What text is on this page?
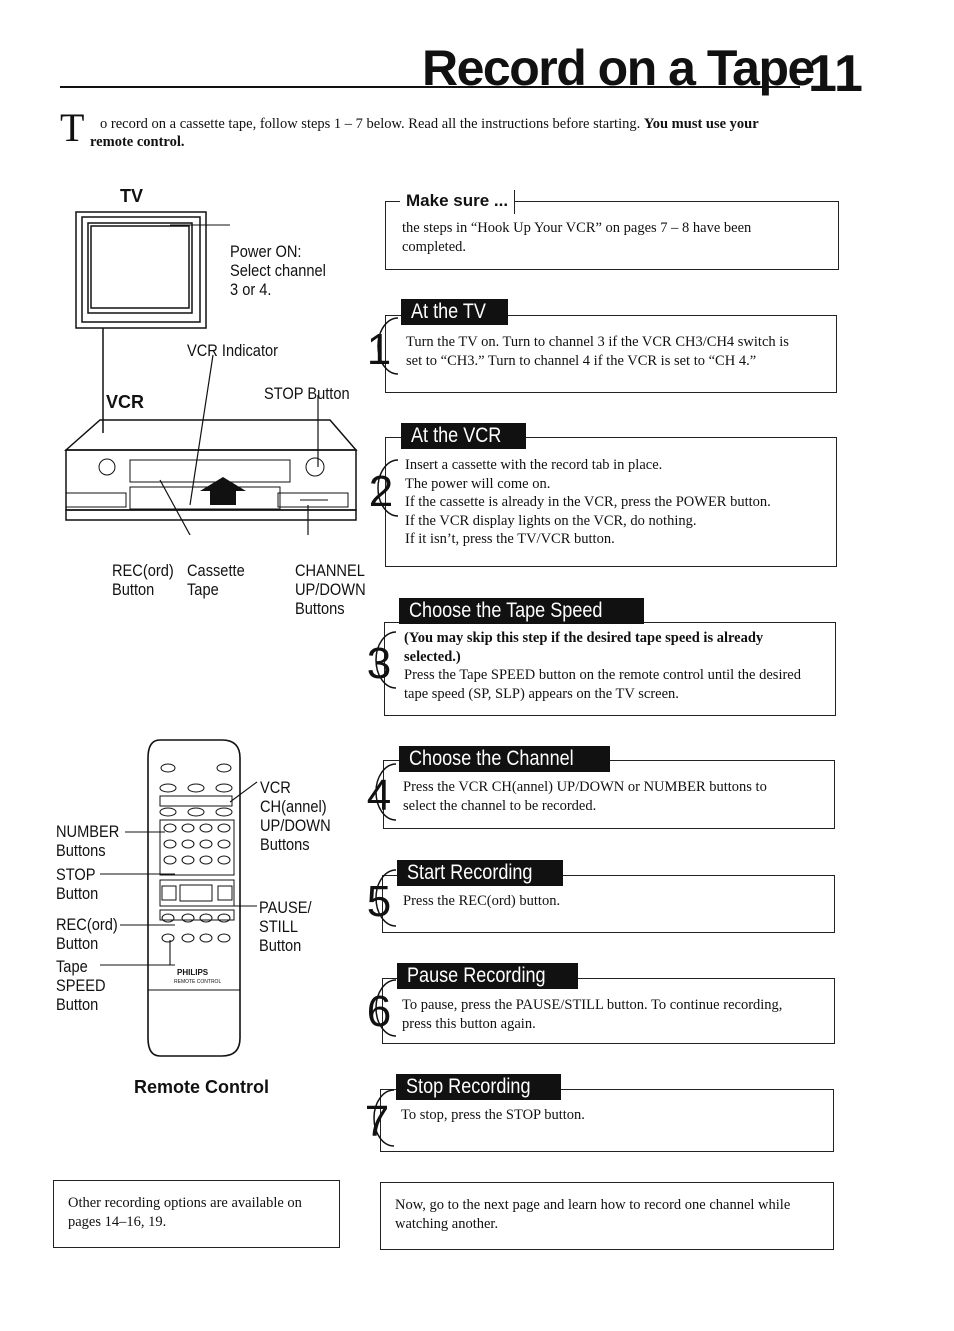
Record on a Tape
11
T o record on a cassette tape, follow steps 1 – 7 below. Read all the instructions before starting. You must use your
remote control.
TV
Power ON:
Select channel
3 or 4.
VCR Indicator
VCR	STOP Button
REC(ord)
Button
Cassette
Tape
CHANNEL
UP/DOWN
Buttons
PHILIPS
REMOTE CONTROL
NUMBER
Buttons
STOP
Button
REC(ord)
Button
Tape
SPEED
Button
VCR
CH(annel)
UP/DOWN
Buttons
PAUSE/
STILL
Button
Remote Control
Make sure ...
the steps in “Hook Up Your VCR” on pages 7 – 8 have been
completed.
At the TV
1 Turn the TV on. Turn to channel 3 if the VCR CH3/CH4 switch is
set to “CH3.” Turn to channel 4 if the VCR is set to “CH 4.”
At the VCR
2
Insert a cassette with the record tab in place.
The power will come on.
If the cassette is already in the VCR, press the POWER button.
If the VCR display lights on the VCR, do nothing.
If it isn’t, press the TV/VCR button.
Choose the Tape Speed
3
(You may skip this step if the desired tape speed is already
selected.)
Press the Tape SPEED button on the remote control until the desired
tape speed (SP, SLP) appears on the TV screen.
Choose the Channel
4 Press the VCR CH(annel) UP/DOWN or NUMBER buttons to
select the channel to be recorded.
Start Recording
5 Press the REC(ord) button.
Pause Recording
6 To pause, press the PAUSE/STILL button. To continue recording,
press this button again.
Stop Recording
7 To stop, press the STOP button.
Other recording options are available on
pages 14–16, 19.
Now, go to the next page and learn how to record one channel while
watching another.
